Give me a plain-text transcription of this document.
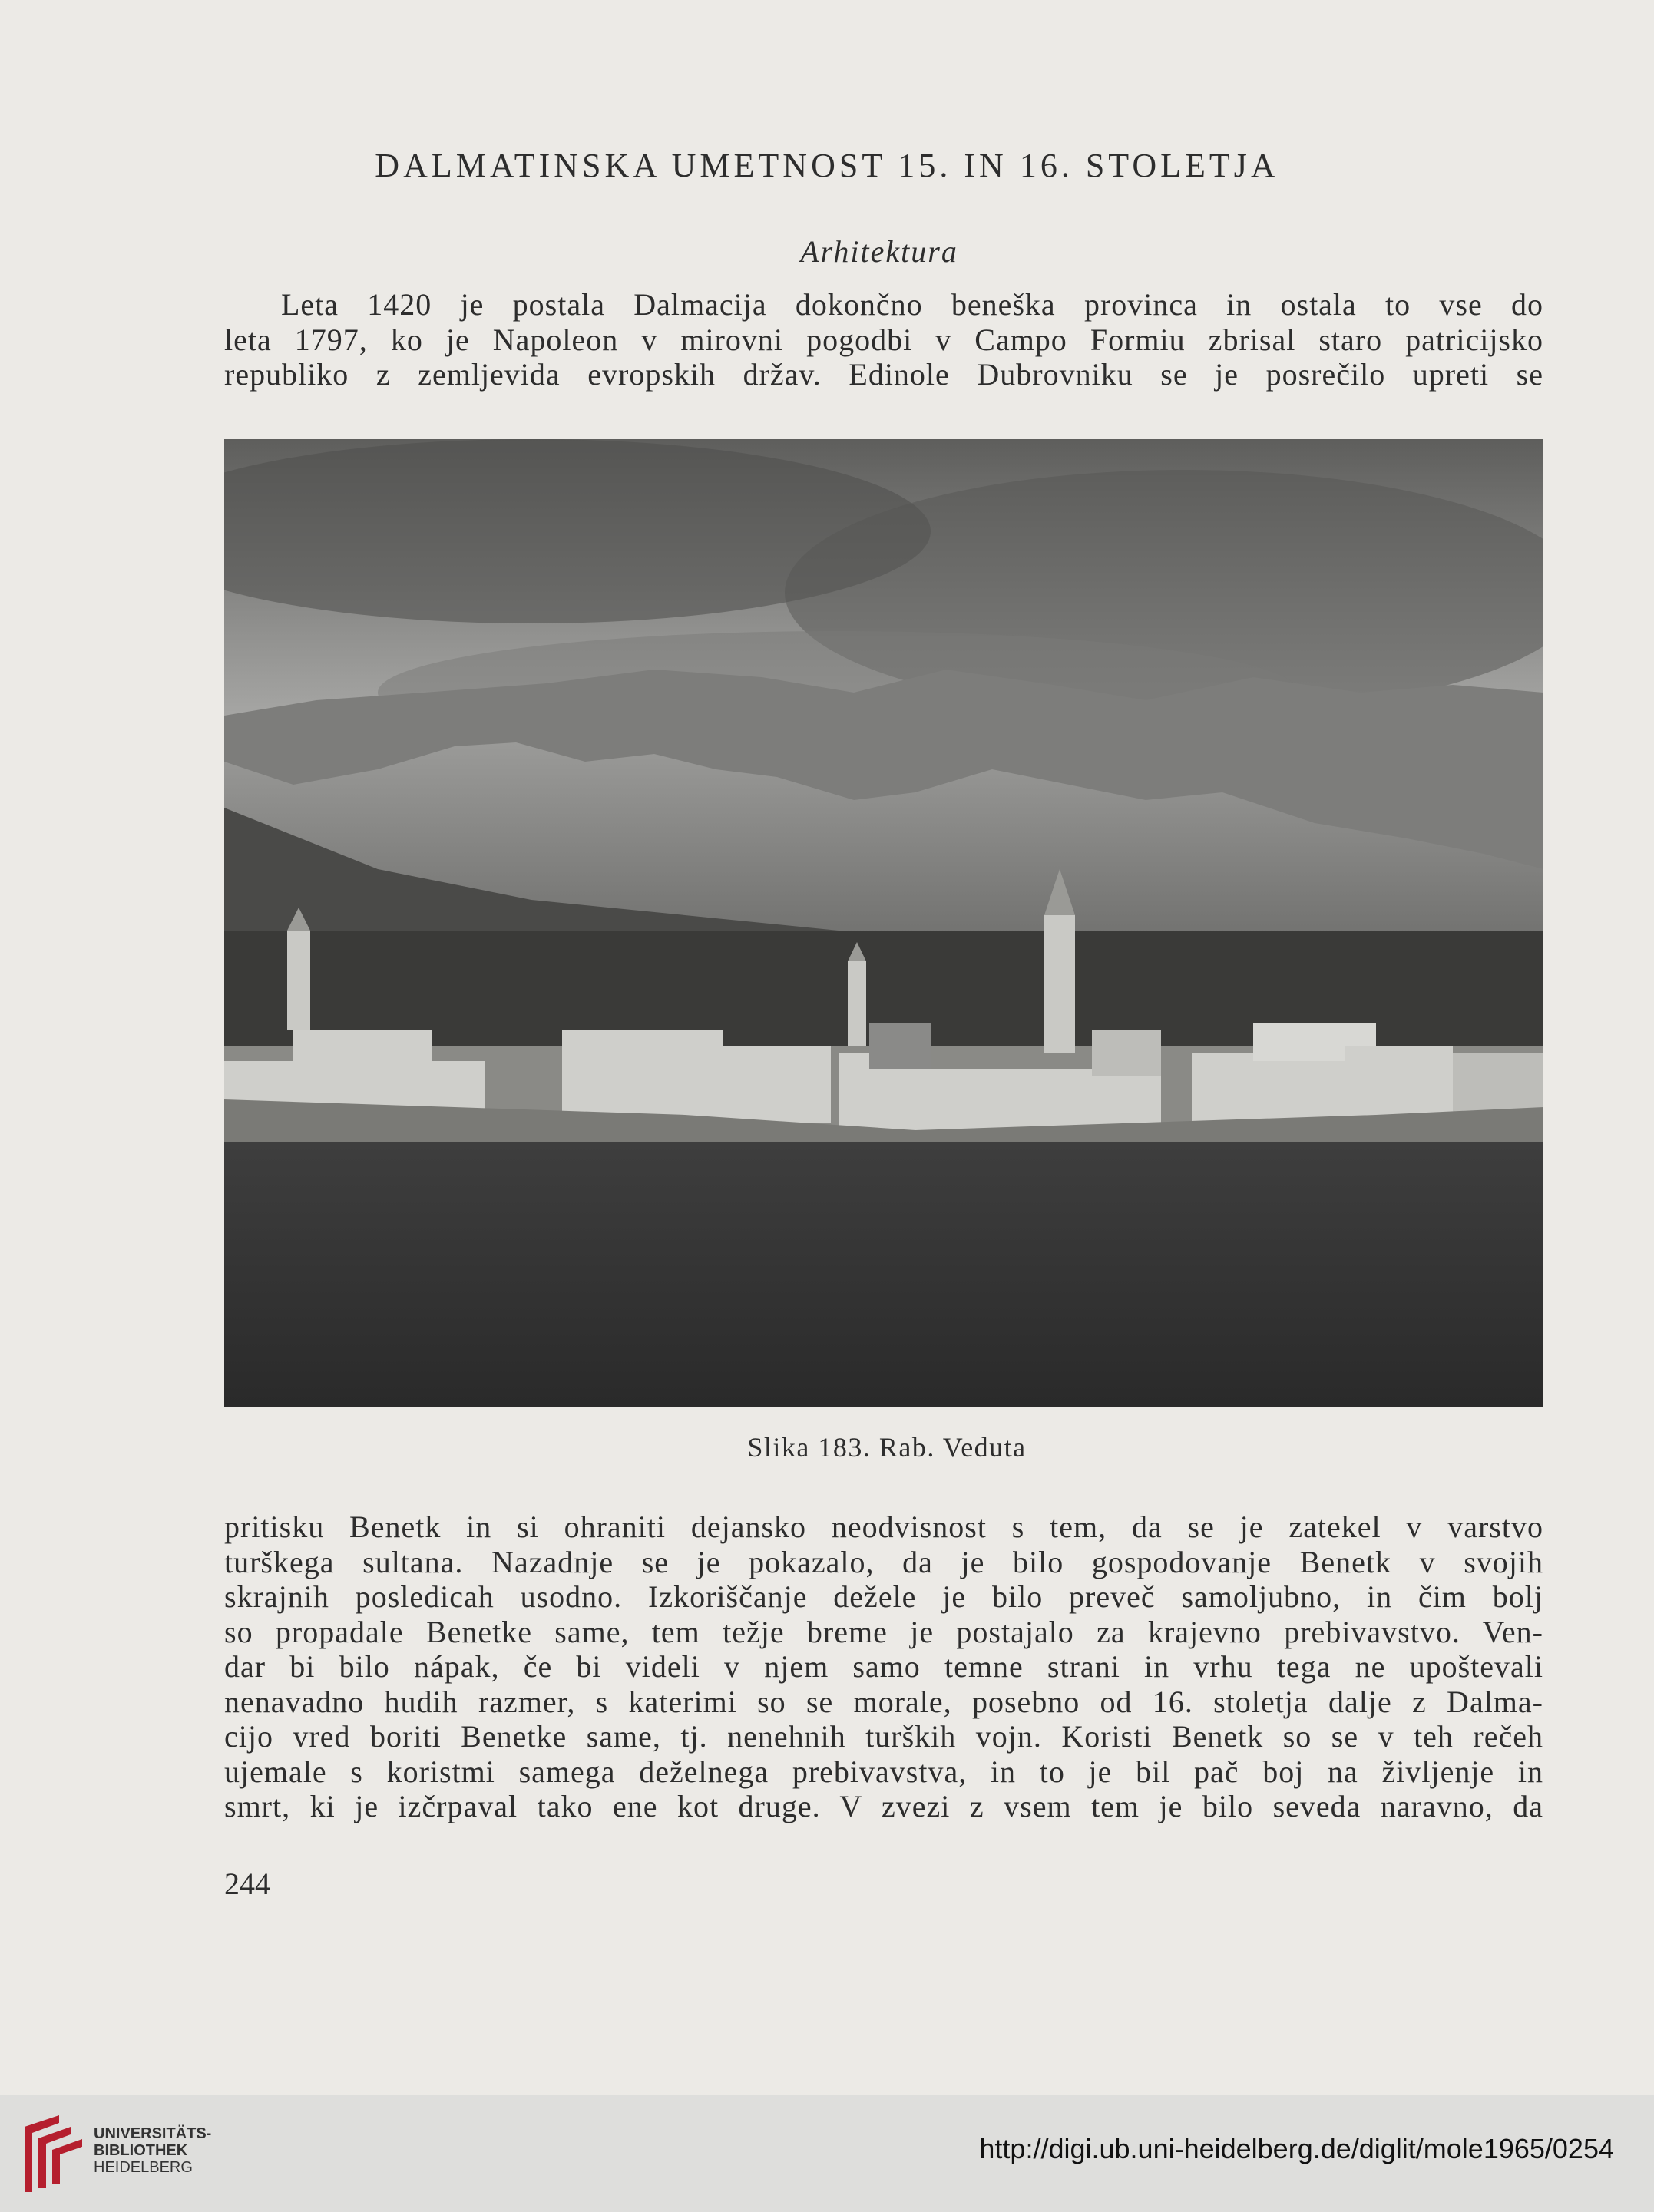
DALMATINSKA UMETNOST 15. IN 16. STOLETJA
Arhitektura
Leta 1420 je postala Dalmacija dokončno beneška provinca in ostala to vse do
leta 1797, ko je Napoleon v mirovni pogodbi v Campo Formiu zbrisal staro patricijsko
republiko z zemljevida evropskih držav. Edinole Dubrovniku se je posrečilo upreti se
Slika 183. Rab. Veduta
pritisku Benetk in si ohraniti dejansko neodvisnost s tem, da se je zatekel v varstvo
turškega sultana. Nazadnje se je pokazalo, da je bilo gospodovanje Benetk v svojih
skrajnih posledicah usodno. Izkoriščanje dežele je bilo preveč samoljubno, in čim bolj
so propadale Benetke same, tem težje breme je postajalo za krajevno prebivavstvo. Ven-
dar bi bilo nápak, če bi videli v njem samo temne strani in vrhu tega ne upoštevali
nenavadno hudih razmer, s katerimi so se morale, posebno od 16. stoletja dalje z Dalma-
cijo vred boriti Benetke same, tj. nenehnih turških vojn. Koristi Benetk so se v teh rečeh
ujemale s koristmi samega deželnega prebivavstva, in to je bil pač boj na življenje in
smrt, ki je izčrpaval tako ene kot druge. V zvezi z vsem tem je bilo seveda naravno, da
244
UNIVERSITÄTS-
BIBLIOTHEK
HEIDELBERG
http://digi.ub.uni-heidelberg.de/diglit/mole1965/0254
